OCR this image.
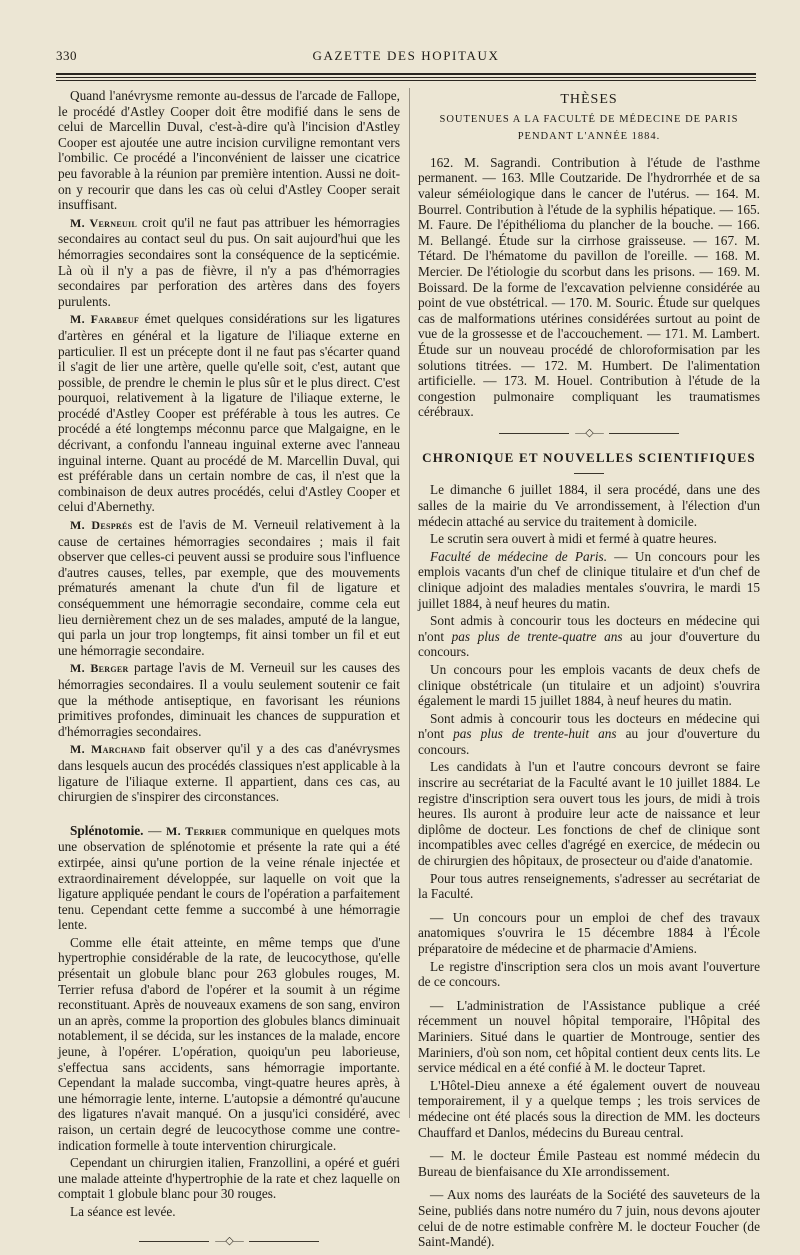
330	GAZETTE DES HOPITAUX

Quand l'anévrysme remonte au-dessus de l'arcade de Fallope, le procédé d'Astley Cooper doit être modifié dans le sens de celui de Marcellin Duval, c'est-à-dire qu'à l'incision d'Astley Cooper est ajoutée une autre incision curviligne remontant vers l'ombilic. Ce procédé a l'inconvénient de laisser une cicatrice peu favorable à la réunion par première intention. Aussi ne doit-on y recourir que dans les cas où celui d'Astley Cooper serait insuffisant.

M. Verneuil croit qu'il ne faut pas attribuer les hémorragies secondaires au contact seul du pus. On sait aujourd'hui que les hémorragies secondaires sont la conséquence de la septicémie. Là où il n'y a pas de fièvre, il n'y a pas d'hémorragies secondaires par perforation des artères dans des foyers purulents.

M. Farabeuf émet quelques considérations sur les ligatures d'artères en général et la ligature de l'iliaque externe en particulier. Il est un précepte dont il ne faut pas s'écarter quand il s'agit de lier une artère, quelle qu'elle soit, c'est, autant que possible, de prendre le chemin le plus sûr et le plus direct. C'est pourquoi, relativement à la ligature de l'iliaque externe, le procédé d'Astley Cooper est préférable à tous les autres. Ce procédé a été longtemps méconnu parce que Malgaigne, en le décrivant, a confondu l'anneau inguinal externe avec l'anneau inguinal interne. Quant au procédé de M. Marcellin Duval, qui est préférable dans un certain nombre de cas, il n'est que la combinaison de deux autres procédés, celui d'Astley Cooper et celui d'Abernethy.

M. Després est de l'avis de M. Verneuil relativement à la cause de certaines hémorragies secondaires ; mais il fait observer que celles-ci peuvent aussi se produire sous l'influence d'autres causes, telles, par exemple, que des mouvements prématurés amenant la chute d'un fil de ligature et conséquemment une hémorragie secondaire, comme cela eut lieu dernièrement chez un de ses malades, amputé de la langue, qui parla un jour trop longtemps, fit ainsi tomber un fil et eut une hémorragie secondaire.

M. Berger partage l'avis de M. Verneuil sur les causes des hémorragies secondaires. Il a voulu seulement soutenir ce fait que la méthode antiseptique, en favorisant les réunions primitives profondes, diminuait les chances de suppuration et d'hémorragies secondaires.

M. Marchand fait observer qu'il y a des cas d'anévrysmes dans lesquels aucun des procédés classiques n'est applicable à la ligature de l'iliaque externe. Il appartient, dans ces cas, au chirurgien de s'inspirer des circonstances.

Splénotomie. — M. Terrier communique en quelques mots une observation de splénotomie et présente la rate qui a été extirpée, ainsi qu'une portion de la veine rénale injectée et extraordinairement développée, sur laquelle on voit que la ligature appliquée pendant le cours de l'opération a parfaitement tenu. Cependant cette femme a succombé à une hémorragie lente.

Comme elle était atteinte, en même temps que d'une hypertrophie considérable de la rate, de leucocythose, qu'elle présentait un globule blanc pour 263 globules rouges, M. Terrier refusa d'abord de l'opérer et la soumit à un régime reconstituant. Après de nouveaux examens de son sang, environ un an après, comme la proportion des globules blancs diminuait notablement, il se décida, sur les instances de la malade, encore jeune, à l'opérer. L'opération, quoiqu'un peu laborieuse, s'effectua sans accidents, sans hémorragie importante. Cependant la malade succomba, vingt-quatre heures après, à une hémorragie lente, interne. L'autopsie a démontré qu'aucune des ligatures n'avait manqué. On a jusqu'ici considéré, avec raison, un certain degré de leucocythose comme une contre-indication formelle à toute intervention chirurgicale.

Cependant un chirurgien italien, Franzollini, a opéré et guéri une malade atteinte d'hypertrophie de la rate et chez laquelle on comptait 1 globule blanc pour 30 rouges.

La séance est levée.

—◇—
THÈSES
SOUTENUES A LA FACULTÉ DE MÉDECINE DE PARIS
PENDANT L'ANNÉE 1884.

162. M. Sagrandi. Contribution à l'étude de l'asthme permanent. — 163. Mlle Coutzaride. De l'hydrorrhée et de sa valeur séméiologique dans le cancer de l'utérus. — 164. M. Bourrel. Contribution à l'étude de la syphilis hépatique. — 165. M. Faure. De l'épithélioma du plancher de la bouche. — 166. M. Bellangé. Étude sur la cirrhose graisseuse. — 167. M. Tétard. De l'hématome du pavillon de l'oreille. — 168. M. Mercier. De l'étiologie du scorbut dans les prisons. — 169. M. Boissard. De la forme de l'excavation pelvienne considérée au point de vue obstétrical. — 170. M. Souric. Étude sur quelques cas de malformations utérines considérées surtout au point de vue de la grossesse et de l'accouchement. — 171. M. Lambert. Étude sur un nouveau procédé de chloroformisation par les solutions titrées. — 172. M. Humbert. De l'alimentation artificielle. — 173. M. Houel. Contribution à l'étude de la congestion pulmonaire compliquant les traumatismes cérébraux.

—◇—
CHRONIQUE ET NOUVELLES SCIENTIFIQUES

Le dimanche 6 juillet 1884, il sera procédé, dans une des salles de la mairie du Ve arrondissement, à l'élection d'un médecin attaché au service du traitement à domicile.

Le scrutin sera ouvert à midi et fermé à quatre heures.

Faculté de médecine de Paris. — Un concours pour les emplois vacants d'un chef de clinique titulaire et d'un chef de clinique adjoint des maladies mentales s'ouvrira, le mardi 15 juillet 1884, à neuf heures du matin.

Sont admis à concourir tous les docteurs en médecine qui n'ont pas plus de trente-quatre ans au jour d'ouverture du concours.

Un concours pour les emplois vacants de deux chefs de clinique obstétricale (un titulaire et un adjoint) s'ouvrira également le mardi 15 juillet 1884, à neuf heures du matin.

Sont admis à concourir tous les docteurs en médecine qui n'ont pas plus de trente-huit ans au jour d'ouverture du concours.

Les candidats à l'un et l'autre concours devront se faire inscrire au secrétariat de la Faculté avant le 10 juillet 1884. Le registre d'inscription sera ouvert tous les jours, de midi à trois heures. Ils auront à produire leur acte de naissance et leur diplôme de docteur. Les fonctions de chef de clinique sont incompatibles avec celles d'agrégé en exercice, de médecin ou de chirurgien des hôpitaux, de prosecteur ou d'aide d'anatomie.

Pour tous autres renseignements, s'adresser au secrétariat de la Faculté.

— Un concours pour un emploi de chef des travaux anatomiques s'ouvrira le 15 décembre 1884 à l'École préparatoire de médecine et de pharmacie d'Amiens.

Le registre d'inscription sera clos un mois avant l'ouverture de ce concours.

— L'administration de l'Assistance publique a créé récemment un nouvel hôpital temporaire, l'Hôpital des Mariniers. Situé dans le quartier de Montrouge, sentier des Mariniers, d'où son nom, cet hôpital contient deux cents lits. Le service médical en a été confié à M. le docteur Tapret.

L'Hôtel-Dieu annexe a été également ouvert de nouveau temporairement, il y a quelque temps ; les trois services de médecine ont été placés sous la direction de MM. les docteurs Chauffard et Danlos, médecins du Bureau central.

— M. le docteur Émile Pasteau est nommé médecin du Bureau de bienfaisance du XIe arrondissement.

— Aux noms des lauréats de la Société des sauveteurs de la Seine, publiés dans notre numéro du 7 juin, nous devons ajouter celui de de notre estimable confrère M. le docteur Foucher (de Saint-Mandé).
